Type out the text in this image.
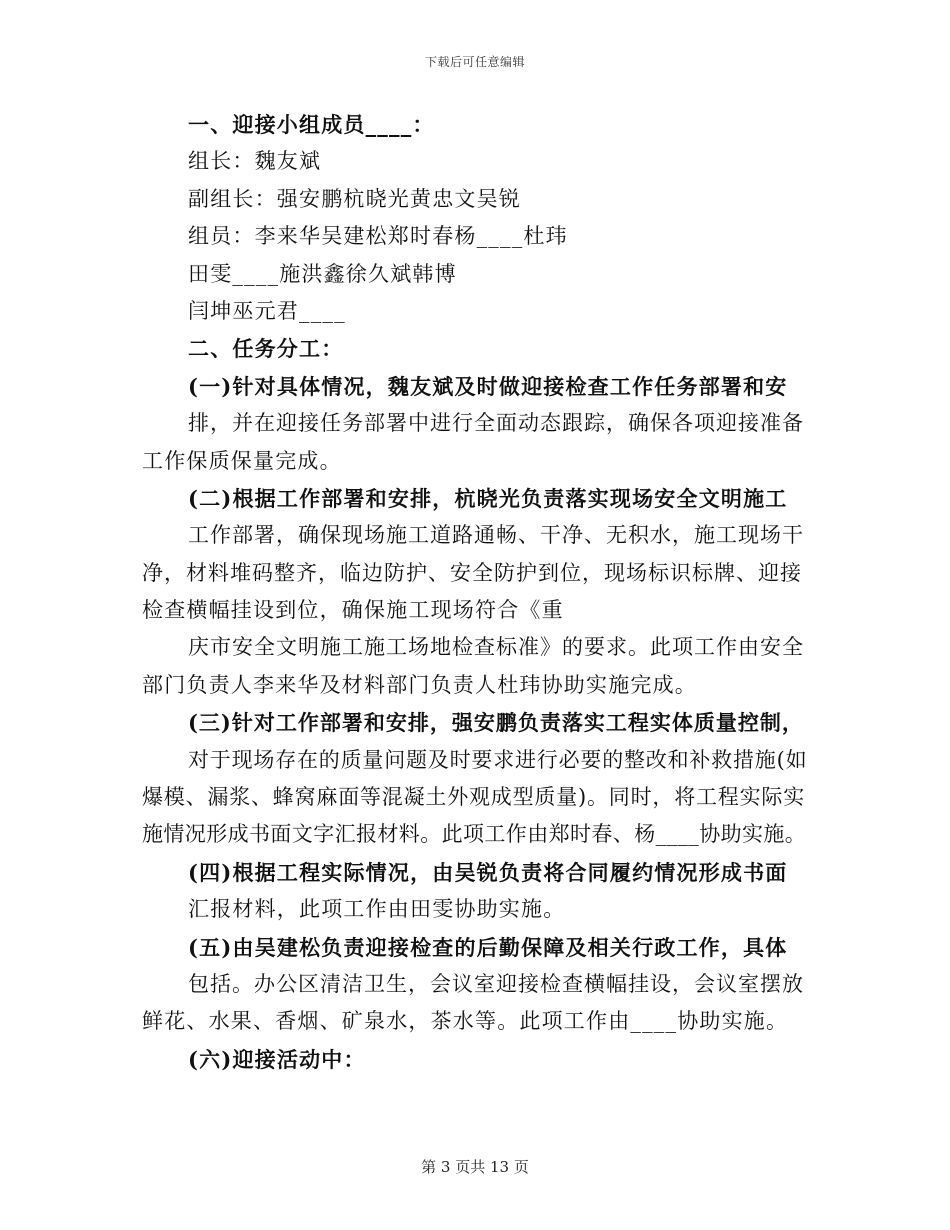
下载后可任意编辑
一、迎接小组成员____：
组长：魏友斌
副组长：强安鹏杭晓光黄忠文吴锐
组员：李来华吴建松郑时春杨____杜玮
田雯____施洪鑫徐久斌韩博
闫坤巫元君____
二、任务分工：
(一)针对具体情况，魏友斌及时做迎接检查工作任务部署和安
排，并在迎接任务部署中进行全面动态跟踪，确保各项迎接准备
工作保质保量完成。
(二)根据工作部署和安排，杭晓光负责落实现场安全文明施工
工作部署，确保现场施工道路通畅、干净、无积水，施工现场干
净，材料堆码整齐，临边防护、安全防护到位，现场标识标牌、迎接
检查横幅挂设到位，确保施工现场符合《重
庆市安全文明施工施工场地检查标准》的要求。此项工作由安全
部门负责人李来华及材料部门负责人杜玮协助实施完成。
(三)针对工作部署和安排，强安鹏负责落实工程实体质量控制，
对于现场存在的质量问题及时要求进行必要的整改和补救措施(如
爆模、漏浆、蜂窝麻面等混凝土外观成型质量)。同时，将工程实际实
施情况形成书面文字汇报材料。此项工作由郑时春、杨____协助实施。
(四)根据工程实际情况，由吴锐负责将合同履约情况形成书面
汇报材料，此项工作由田雯协助实施。
(五)由吴建松负责迎接检查的后勤保障及相关行政工作，具体
包括。办公区清洁卫生，会议室迎接检查横幅挂设，会议室摆放
鲜花、水果、香烟、矿泉水，茶水等。此项工作由____协助实施。
(六)迎接活动中：
第 3 页共 13 页
